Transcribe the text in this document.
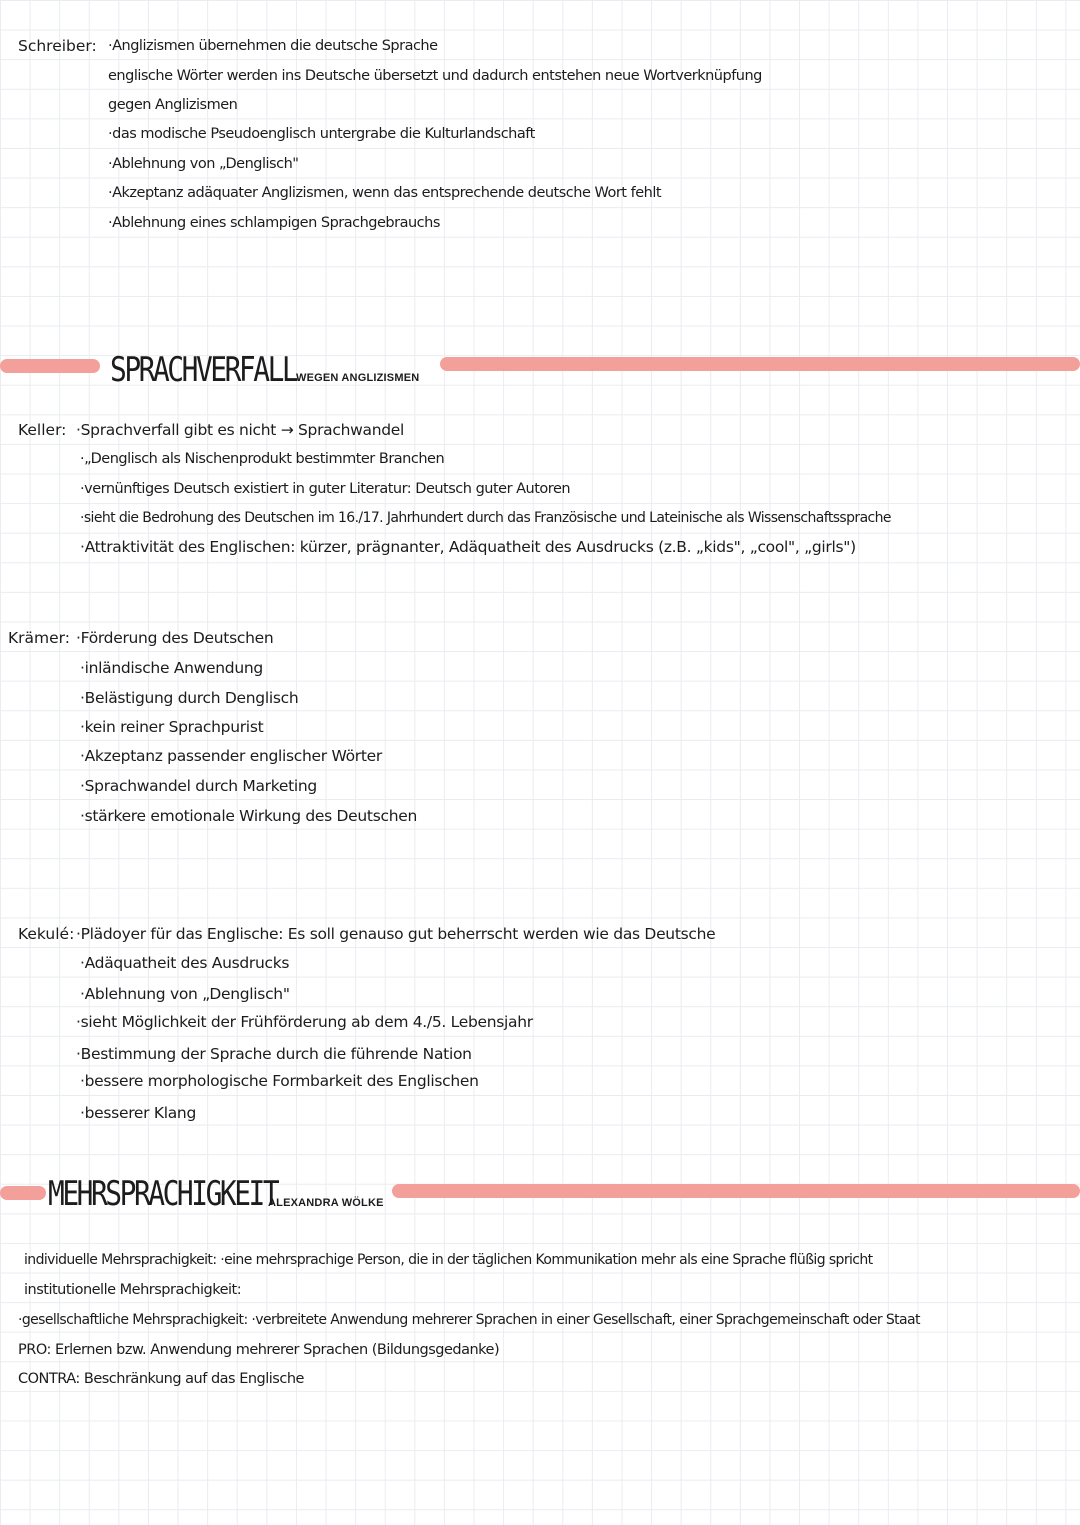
Schreiber: ·Anglizismen übernehmen die deutsche Sprache
englische Wörter werden ins Deutsche übersetzt und dadurch entstehen neue Wortverknüpfung
gegen Anglizismen
·das modische Pseudoenglisch untergrabe die Kulturlandschaft
·Ablehnung von „Denglisch"
·Akzeptanz adäquater Anglizismen, wenn das entsprechende deutsche Wort fehlt
·Ablehnung eines schlampigen Sprachgebrauchs
SPRACHVERFALL WEGEN ANGLIZISMEN
Keller: ·Sprachverfall gibt es nicht → Sprachwandel
·„Denglisch als Nischenprodukt bestimmter Branchen
·vernünftiges Deutsch existiert in guter Literatur: Deutsch guter Autoren
·sieht die Bedrohung des Deutschen im 16./17. Jahrhundert durch das Französische und Lateinische als Wissenschaftssprache
·Attraktivität des Englischen: kürzer, prägnanter, Adäquatheit des Ausdrucks (z.B. „kids", „cool", „girls")
Krämer: ·Förderung des Deutschen
·inländische Anwendung
·Belästigung durch Denglisch
·kein reiner Sprachpurist
·Akzeptanz passender englischer Wörter
·Sprachwandel durch Marketing
·stärkere emotionale Wirkung des Deutschen
Kekulé: ·Plädoyer für das Englische: Es soll genauso gut beherrscht werden wie das Deutsche
·Adäquatheit des Ausdrucks
·Ablehnung von „Denglisch"
·sieht Möglichkeit der Frühförderung ab dem 4./5. Lebensjahr
·Bestimmung der Sprache durch die führende Nation
·bessere morphologische Formbarkeit des Englischen
·besserer Klang
MEHRSPRACHIGKEIT
ALEXANDRA WÖLKE
individuelle Mehrsprachigkeit: ·eine mehrsprachige Person, die in der täglichen Kommunikation mehr als eine Sprache flüßig spricht
institutionelle Mehrsprachigkeit:
·gesellschaftliche Mehrsprachigkeit: ·verbreitete Anwendung mehrerer Sprachen in einer Gesellschaft, einer Sprachgemeinschaft oder Staat
PRO: Erlernen bzw. Anwendung mehrerer Sprachen (Bildungsgedanke)
CONTRA: Beschränkung auf das Englische
